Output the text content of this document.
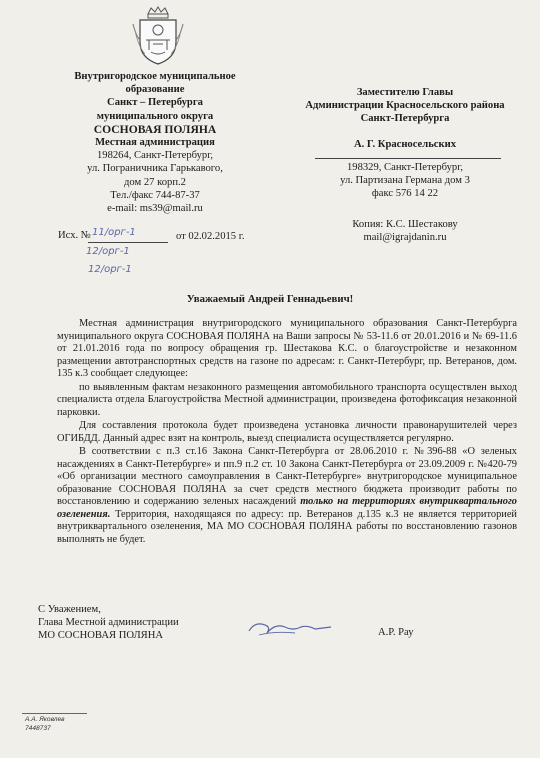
Внутригородское муниципальное
образование
Санкт – Петербурга
муниципального округа
СОСНОВАЯ ПОЛЯНА
Местная администрация
198264, Санкт-Петербург,
ул. Пограничника Гарькавого,
дом 27 корп.2
Тел./факс 744-87-37
e-mail: ms39@mail.ru
Заместителю Главы
Администрации Красносельского района
Санкт-Петербурга
А. Г. Красносельских
198329, Санкт-Петербург,
ул. Партизана Германа дом 3
факс 576 14 22
Копия: К.С. Шестакову
mail@igrajdanin.ru
Исх. № 11/орг-1
12/орг-1
12/орг-1
от 02.02.2015 г.
Уважаемый Андрей Геннадьевич!

Местная администрация внутригородского муниципального образования Санкт-Петербурга муниципального округа СОСНОВАЯ ПОЛЯНА на Ваши запросы № 53-11.6 от 20.01.2016 и № 69-11.6 от 21.01.2016 года по вопросу обращения гр. Шестакова К.С. о благоустройстве и незаконном размещении автотранспортных средств на газоне по адресам: г. Санкт-Петербург, пр. Ветеранов, дом. 135 к.3 сообщает следующее:

по выявленным фактам незаконного размещения автомобильного транспорта осуществлен выход специалиста отдела Благоустройства Местной администрации, произведена фотофиксация незаконной парковки.

Для составления протокола будет произведена установка личности правонарушителей через ОГИБДД. Данный адрес взят на контроль, выезд специалиста осуществляется регулярно.

В соответствии с п.3 ст.16 Закона Санкт-Петербурга от 28.06.2010 г. №396-88 «О зеленых насаждениях в Санкт-Петербурге» и пп.9 п.2 ст. 10 Закона Санкт-Петербурга от 23.09.2009 г. №420-79 «Об организации местного самоуправления в Санкт-Петербурге» внутригородское муниципальное образование СОСНОВАЯ ПОЛЯНА за счет средств местного бюджета производит работы по восстановлению и содержанию зеленых насаждений только на территориях внутриквартального озеленения. Территория, находящаяся по адресу: пр. Ветеранов д.135 к.3 не является территорией внутриквартального озеленения, МА МО СОСНОВАЯ ПОЛЯНА работы по восстановлению газонов выполнять не будет.

С Уважением,
Глава Местной администрации
МО СОСНОВАЯ ПОЛЯНА	А.Р. Рау
А.А. Яковлев
7448737
